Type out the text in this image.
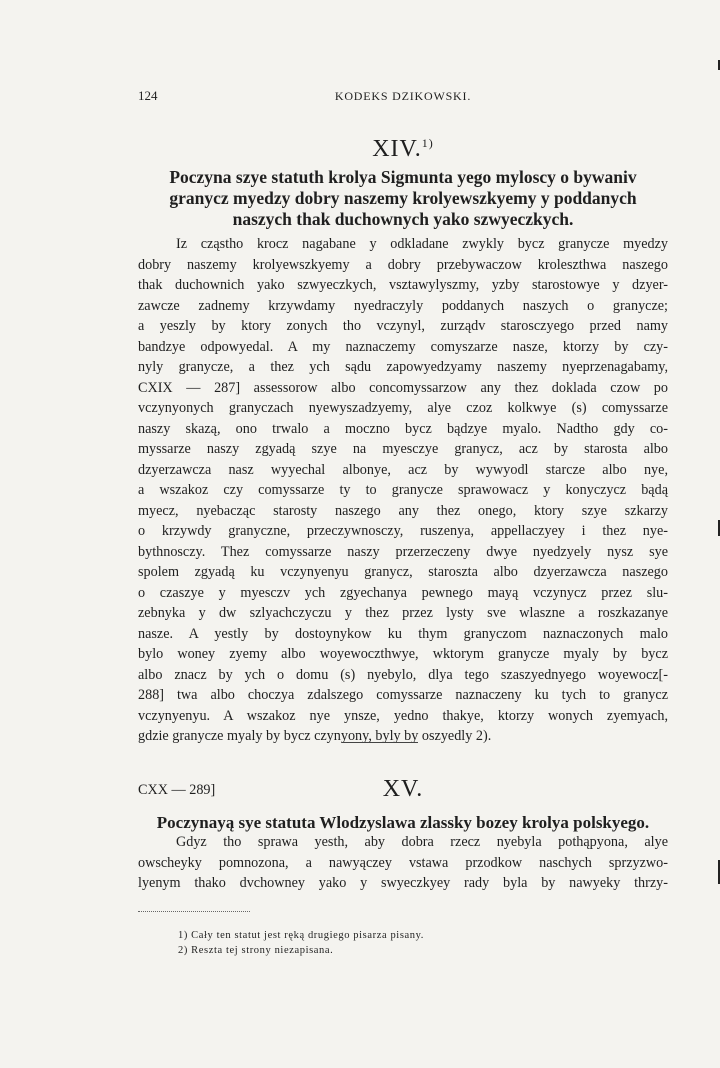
124	KODEKS DZIKOWSKI.
XIV.$^{1)}$
Poczyna szye statuth krolya Sigmunta yego myloscy o bywaniv
granycz myedzy dobry naszemy krolyewszkyemy y poddanych
naszych thak duchownych yako szwyeczkych.
Iz cząstho krocz nagabane y odkladane zwykly bycz granycze myedzy
dobry naszemy krolyewszkyemy a dobry przebywaczow kroleszthwa naszego
thak duchownich yako szwyeczkych, vsztawylyszmy, yzby starostowye y dzyer-
zawcze zadnemy krzywdamy nyedraczyly poddanych naszych o granycze;
a yeszly by ktory zonych tho vczynyl, zurządv starosczyego przed namy
bandzye odpowyedal. A my naznaczemy comyszarze nasze, ktorzy by czy-
nyly granycze, a thez ych sądu zapowyedzyamy naszemy nyeprzenagabamy,
CXIX — 287] assessorow albo concomyssarzow any thez doklada czow po
vczynyonych granyczach nyewyszadzyemy, alye czoz kolkwye (s) comyssarze
naszy skazą, ono trwalo a moczno bycz bądzye myalo. Nadtho gdy co-
myssarze naszy zgyadą szye na myesczye granycz, acz by starosta albo
dzyerzawcza nasz wyyechal albonye, acz by wywyodl starcze albo nye,
a wszakoz czy comyssarze ty to granycze sprawowacz y konyczycz bądą
myecz, nyebacząc starosty naszego any thez onego, ktory szye szkarzy
o krzywdy granyczne, przeczywnosczy, ruszenya, appellaczyey i thez nye-
bythnosczy. Thez comyssarze naszy przerzeczeny dwye nyedzyely nysz sye
spolem zgyadą ku vczynyenyu granycz, staroszta albo dzyerzawcza naszego
o czaszye y myesczv ych zgyechanya pewnego mayą vczynycz przez slu-
zebnyka y dw szlyachczyczu y thez przez lysty sve wlaszne a roszkazanye
nasze. A yestly by dostoynykow ku thym granyczom naznaczonych malo
bylo woney zyemy albo woyewoczthwye, wktorym granycze myaly by bycz
albo znacz by ych o domu (s) nyebylo, dlya tego szaszyednyego woyewocz[-
288] twa albo choczya zdalszego comyssarze naznaczeny ku tych to granycz
vczynyenyu. A wszakoz nye ynsze, yedno thakye, ktorzy wonych zyemyach,
gdzie granycze myaly by bycz czynyony, byly by oszyedly 2).
CXX — 289]	XV.
Poczynayą sye statuta Wlodzyslawa zlassky bozey krolya polskyego.
Gdyz tho sprawa yesth, aby dobra rzecz nyebyla pothąpyona, alye
owscheyky pomnozona, a nawyączey vstawa przodkow naschych sprzyzwo-
lyenym thako dvchowney yako y swyeczkyey rady byla by nawyeky thrzy-
1) Cały ten statut jest ręką drugiego pisarza pisany.
2) Reszta tej strony niezapisana.
